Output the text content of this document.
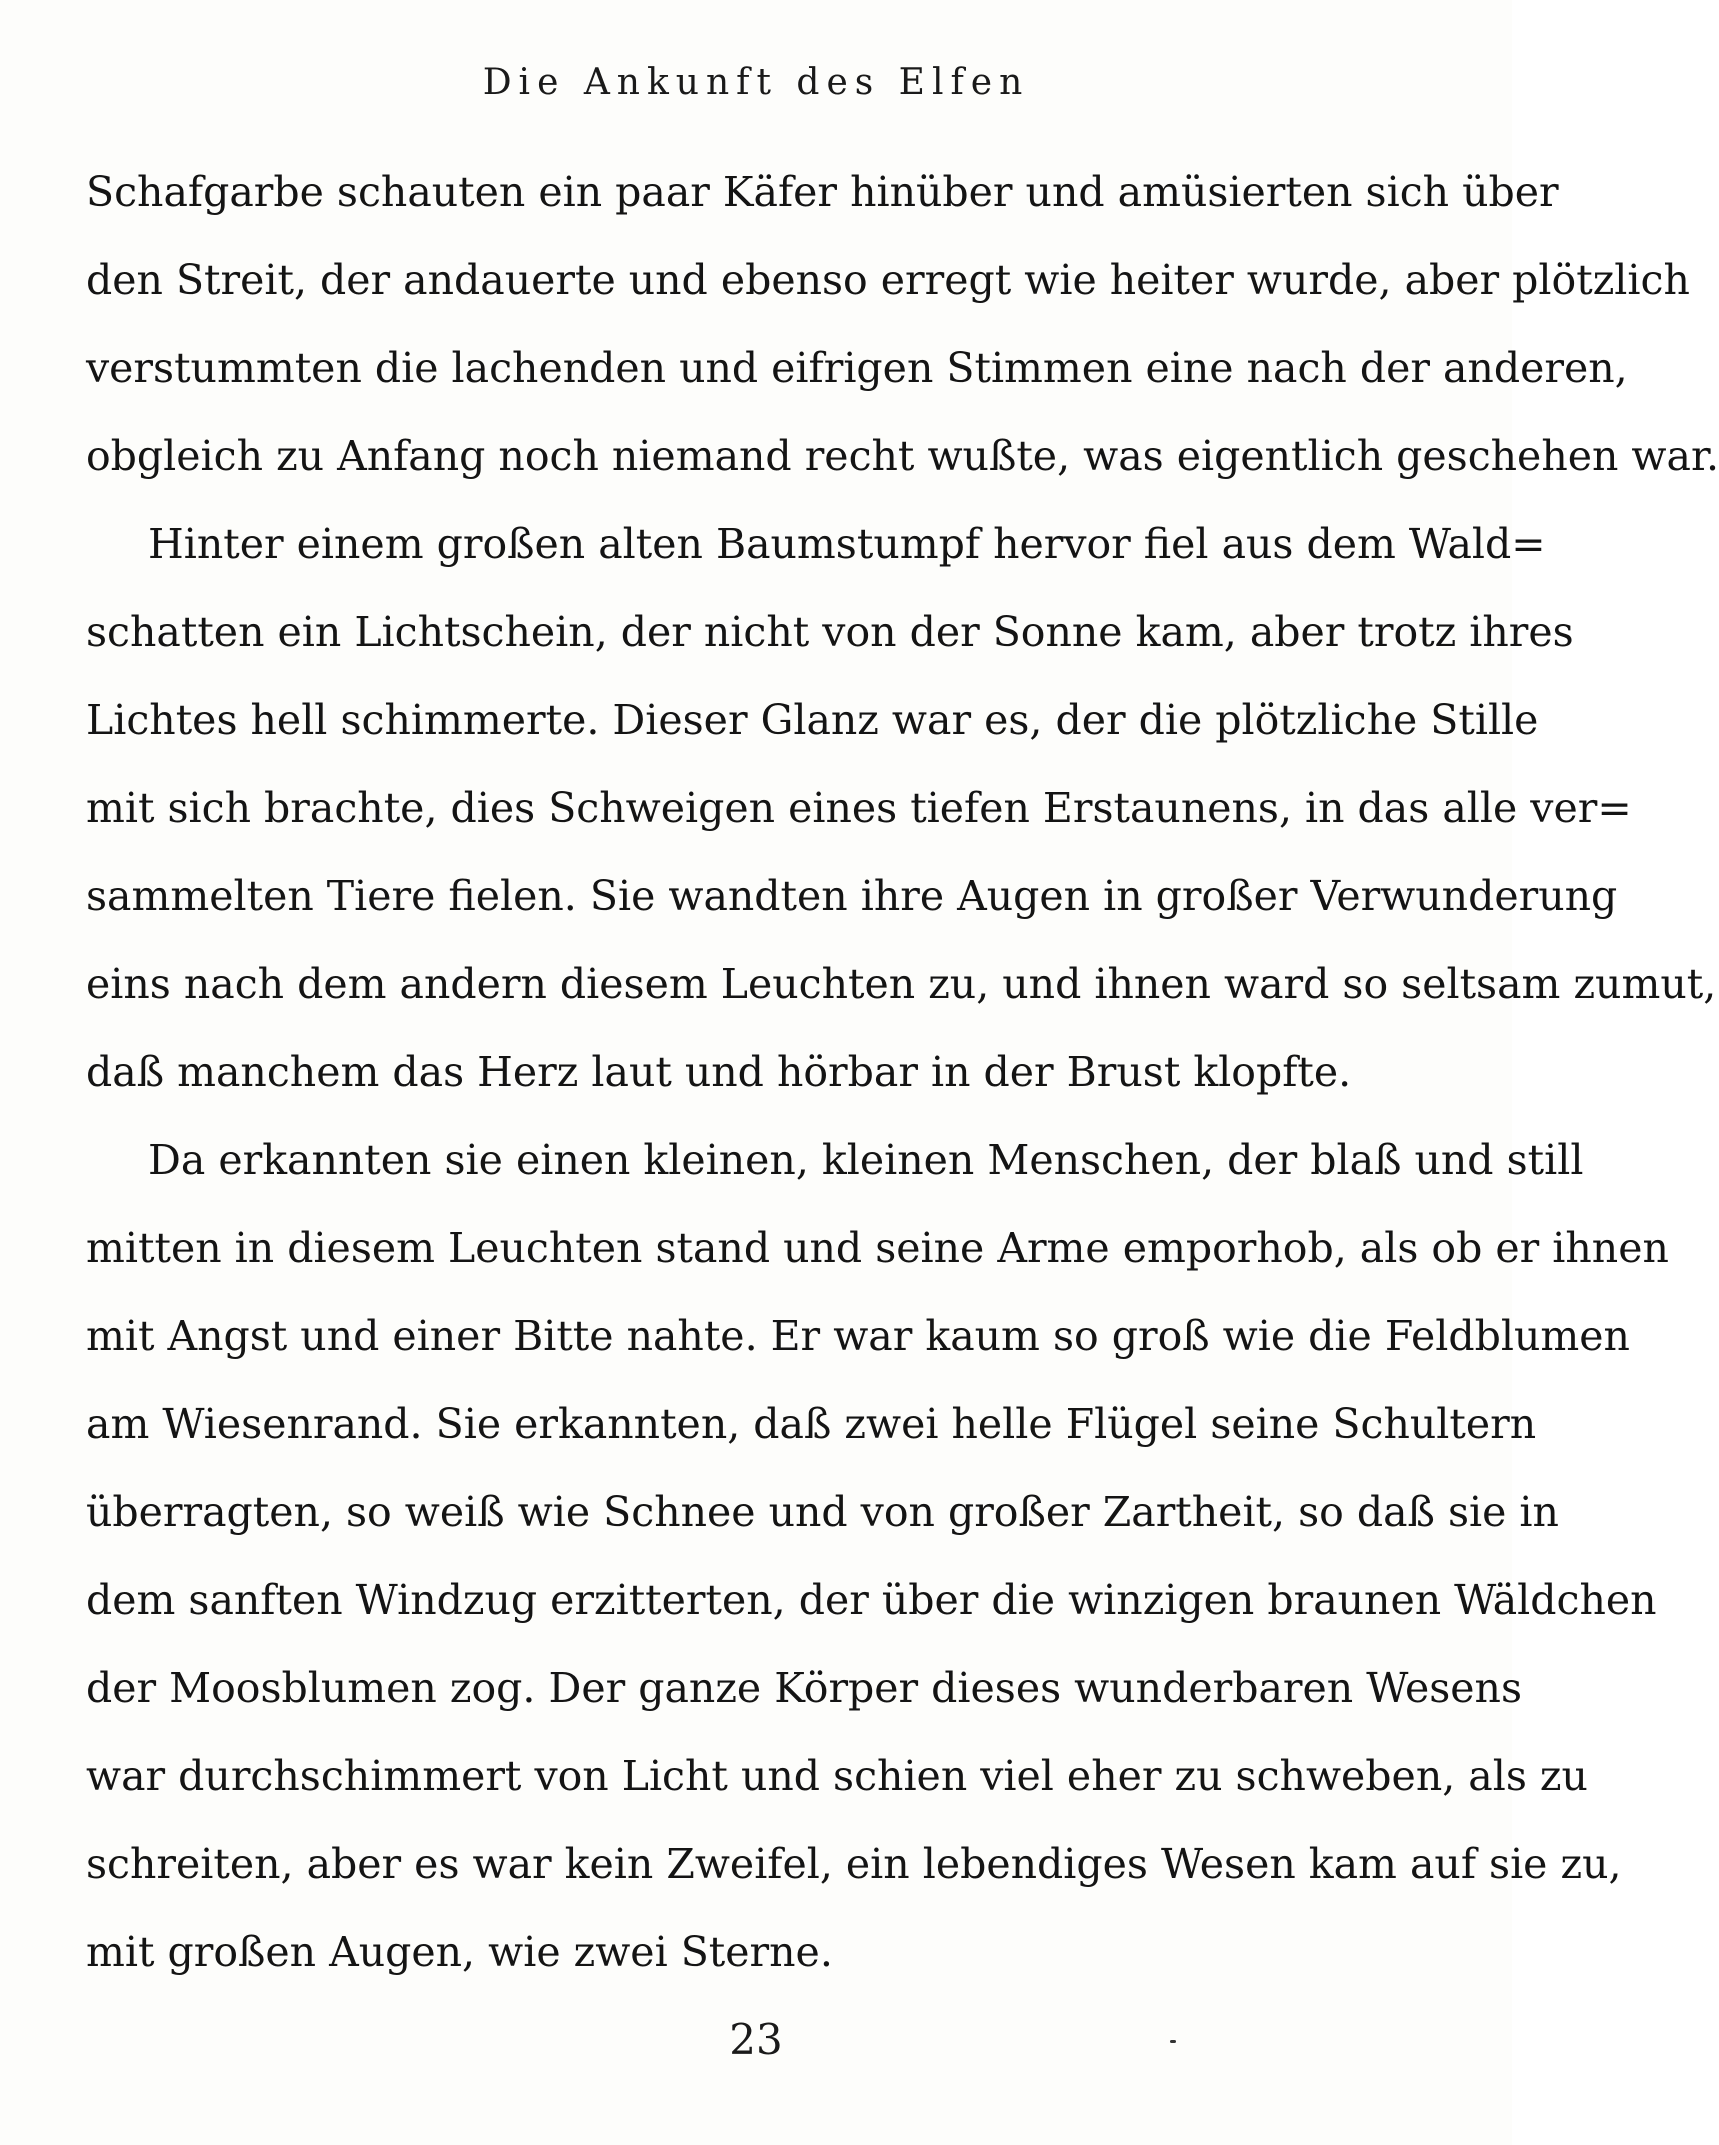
Die Ankunft des Elfen
Schafgarbe schauten ein paar Käfer hinüber und amüsierten sich über
den Streit, der andauerte und ebenso erregt wie heiter wurde, aber plötzlich
verstummten die lachenden und eifrigen Stimmen eine nach der anderen,
obgleich zu Anfang noch niemand recht wußte, was eigentlich geschehen war.
Hinter einem großen alten Baumstumpf hervor fiel aus dem Wald=
schatten ein Lichtschein, der nicht von der Sonne kam, aber trotz ihres
Lichtes hell schimmerte. Dieser Glanz war es, der die plötzliche Stille
mit sich brachte, dies Schweigen eines tiefen Erstaunens, in das alle ver=
sammelten Tiere fielen. Sie wandten ihre Augen in großer Verwunderung
eins nach dem andern diesem Leuchten zu, und ihnen ward so seltsam zumut,
daß manchem das Herz laut und hörbar in der Brust klopfte.
Da erkannten sie einen kleinen, kleinen Menschen, der blaß und still
mitten in diesem Leuchten stand und seine Arme emporhob, als ob er ihnen
mit Angst und einer Bitte nahte. Er war kaum so groß wie die Feldblumen
am Wiesenrand. Sie erkannten, daß zwei helle Flügel seine Schultern
überragten, so weiß wie Schnee und von großer Zartheit, so daß sie in
dem sanften Windzug erzitterten, der über die winzigen braunen Wäldchen
der Moosblumen zog. Der ganze Körper dieses wunderbaren Wesens
war durchschimmert von Licht und schien viel eher zu schweben, als zu
schreiten, aber es war kein Zweifel, ein lebendiges Wesen kam auf sie zu,
mit großen Augen, wie zwei Sterne.
23
